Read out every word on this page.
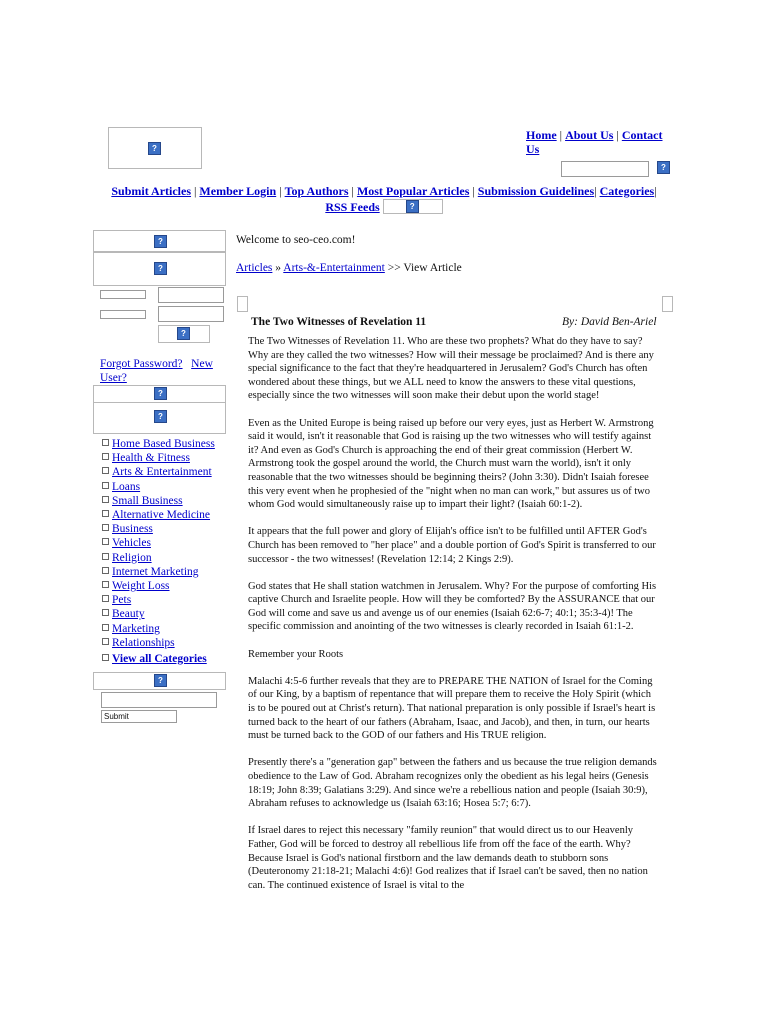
?
Home | About Us | Contact Us
?
Submit Articles | Member Login | Top Authors | Most Popular Articles | Submission Guidelines| Categories|
RSS Feeds	?
?
?
?
Forgot Password? New User?
?
?
Home Based Business
Health & Fitness
Arts & Entertainment
Loans
Small Business
Alternative Medicine
Business
Vehicles
Religion
Internet Marketing
Weight Loss
Pets
Beauty
Marketing
Relationships
View all Categories
?
Submit
Welcome to seo-ceo.com!
Articles » Arts-&-Entertainment >> View Article
The Two Witnesses of Revelation 11	By: David Ben-Ariel

The Two Witnesses of Revelation 11. Who are these two prophets? What do they have to say? Why are they called the two witnesses? How will their message be proclaimed? And is there any special significance to the fact that they're headquartered in Jerusalem? God's Church has often wondered about these things, but we ALL need to know the answers to these vital questions, especially since the two witnesses will soon make their debut upon the world stage!

Even as the United Europe is being raised up before our very eyes, just as Herbert W. Armstrong said it would, isn't it reasonable that God is raising up the two witnesses who will testify against it? And even as God's Church is approaching the end of their great commission (Herbert W. Armstrong took the gospel around the world, the Church must warn the world), isn't it only reasonable that the two witnesses should be beginning theirs? (John 3:30). Didn't Isaiah foresee this very event when he prophesied of the "night when no man can work," but assures us of two whom God would simultaneously raise up to impart their light? (Isaiah 60:1-2).

It appears that the full power and glory of Elijah's office isn't to be fulfilled until AFTER God's Church has been removed to "her place" and a double portion of God's Spirit is transferred to our successor - the two witnesses! (Revelation 12:14; 2 Kings 2:9).

God states that He shall station watchmen in Jerusalem. Why? For the purpose of comforting His captive Church and Israelite people. How will they be comforted? By the ASSURANCE that our God will come and save us and avenge us of our enemies (Isaiah 62:6-7; 40:1; 35:3-4)! The specific commission and anointing of the two witnesses is clearly recorded in Isaiah 61:1-2.

Remember your Roots

Malachi 4:5-6 further reveals that they are to PREPARE THE NATION of Israel for the Coming of our King, by a baptism of repentance that will prepare them to receive the Holy Spirit (which is to be poured out at Christ's return). That national preparation is only possible if Israel's heart is turned back to the heart of our fathers (Abraham, Isaac, and Jacob), and then, in turn, our hearts must be turned back to the GOD of our fathers and His TRUE religion.

Presently there's a "generation gap" between the fathers and us because the true religion demands obedience to the Law of God. Abraham recognizes only the obedient as his legal heirs (Genesis 18:19; John 8:39; Galatians 3:29). And since we're a rebellious nation and people (Isaiah 30:9), Abraham refuses to acknowledge us (Isaiah 63:16; Hosea 5:7; 6:7).

If Israel dares to reject this necessary "family reunion" that would direct us to our Heavenly Father, God will be forced to destroy all rebellious life from off the face of the earth. Why? Because Israel is God's national firstborn and the law demands death to stubborn sons (Deuteronomy 21:18-21; Malachi 4:6)! God realizes that if Israel can't be saved, then no nation can. The continued existence of Israel is vital to the
